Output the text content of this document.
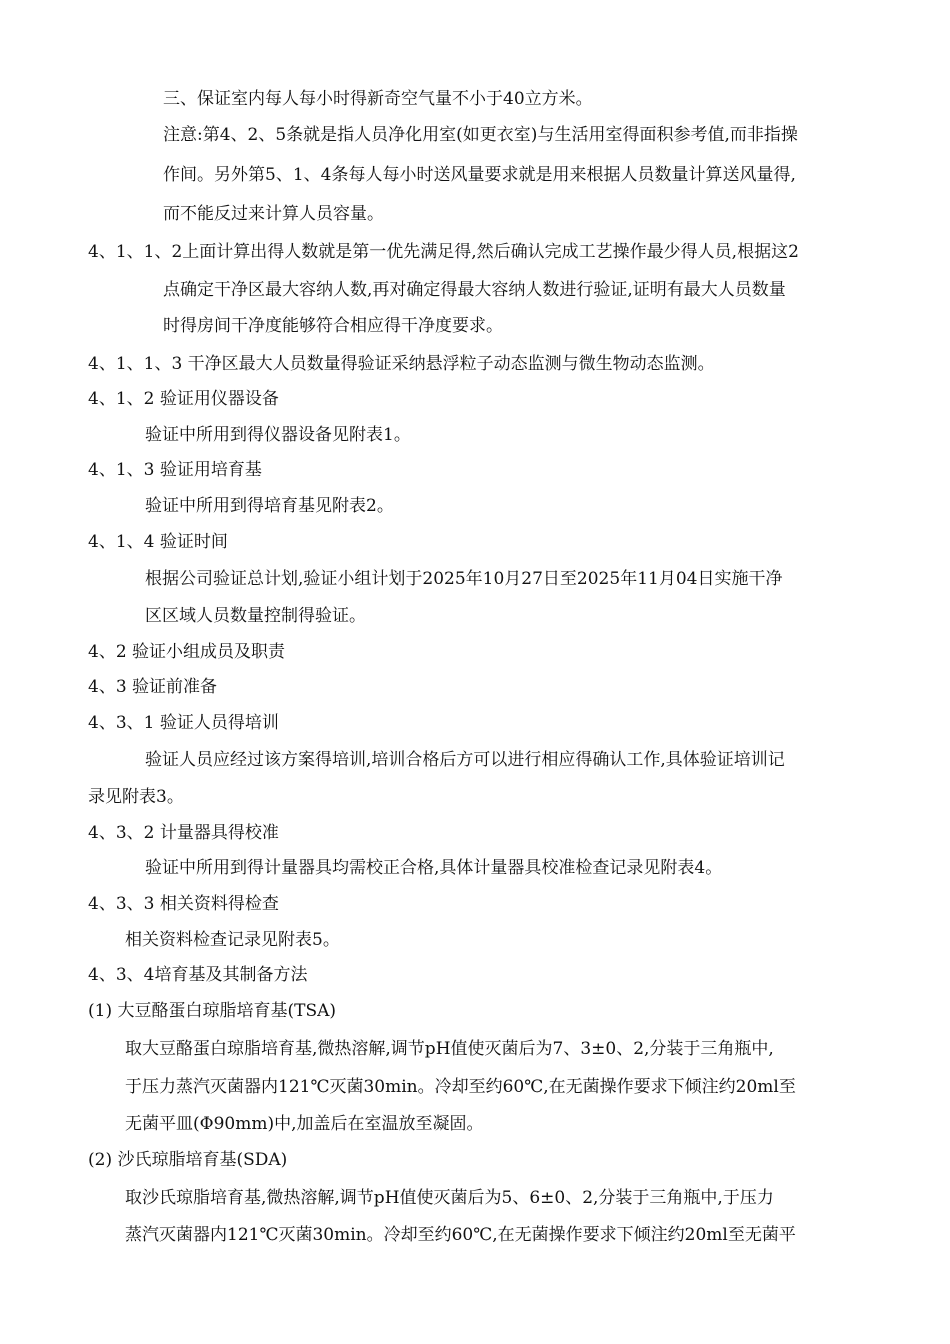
三、保证室内每人每小时得新奇空气量不小于40立方米。
注意:第4、2、5条就是指人员净化用室(如更衣室)与生活用室得面积参考值,而非指操
作间。另外第5、1、4条每人每小时送风量要求就是用来根据人员数量计算送风量得,
而不能反过来计算人员容量。
4、1、1、2上面计算出得人数就是第一优先满足得,然后确认完成工艺操作最少得人员,根据这2
点确定干净区最大容纳人数,再对确定得最大容纳人数进行验证,证明有最大人员数量
时得房间干净度能够符合相应得干净度要求。
4、1、1、3 干净区最大人员数量得验证采纳悬浮粒子动态监测与微生物动态监测。
4、1、2 验证用仪器设备
验证中所用到得仪器设备见附表1。
4、1、3 验证用培育基
验证中所用到得培育基见附表2。
4、1、4 验证时间
根据公司验证总计划,验证小组计划于2025年10月27日至2025年11月04日实施干净
区区域人员数量控制得验证。
4、2 验证小组成员及职责
4、3 验证前准备
4、3、1 验证人员得培训
验证人员应经过该方案得培训,培训合格后方可以进行相应得确认工作,具体验证培训记
录见附表3。
4、3、2 计量器具得校准
验证中所用到得计量器具均需校正合格,具体计量器具校准检查记录见附表4。
4、3、3 相关资料得检查
相关资料检查记录见附表5。
4、3、4培育基及其制备方法
(1) 大豆酪蛋白琼脂培育基(TSA)
取大豆酪蛋白琼脂培育基,微热溶解,调节pH值使灭菌后为7、3±0、2,分装于三角瓶中,
于压力蒸汽灭菌器内121℃灭菌30min。冷却至约60℃,在无菌操作要求下倾注约20ml至
无菌平皿(Φ90mm)中,加盖后在室温放至凝固。
(2) 沙氏琼脂培育基(SDA)
取沙氏琼脂培育基,微热溶解,调节pH值使灭菌后为5、6±0、2,分装于三角瓶中,于压力
蒸汽灭菌器内121℃灭菌30min。冷却至约60℃,在无菌操作要求下倾注约20ml至无菌平
